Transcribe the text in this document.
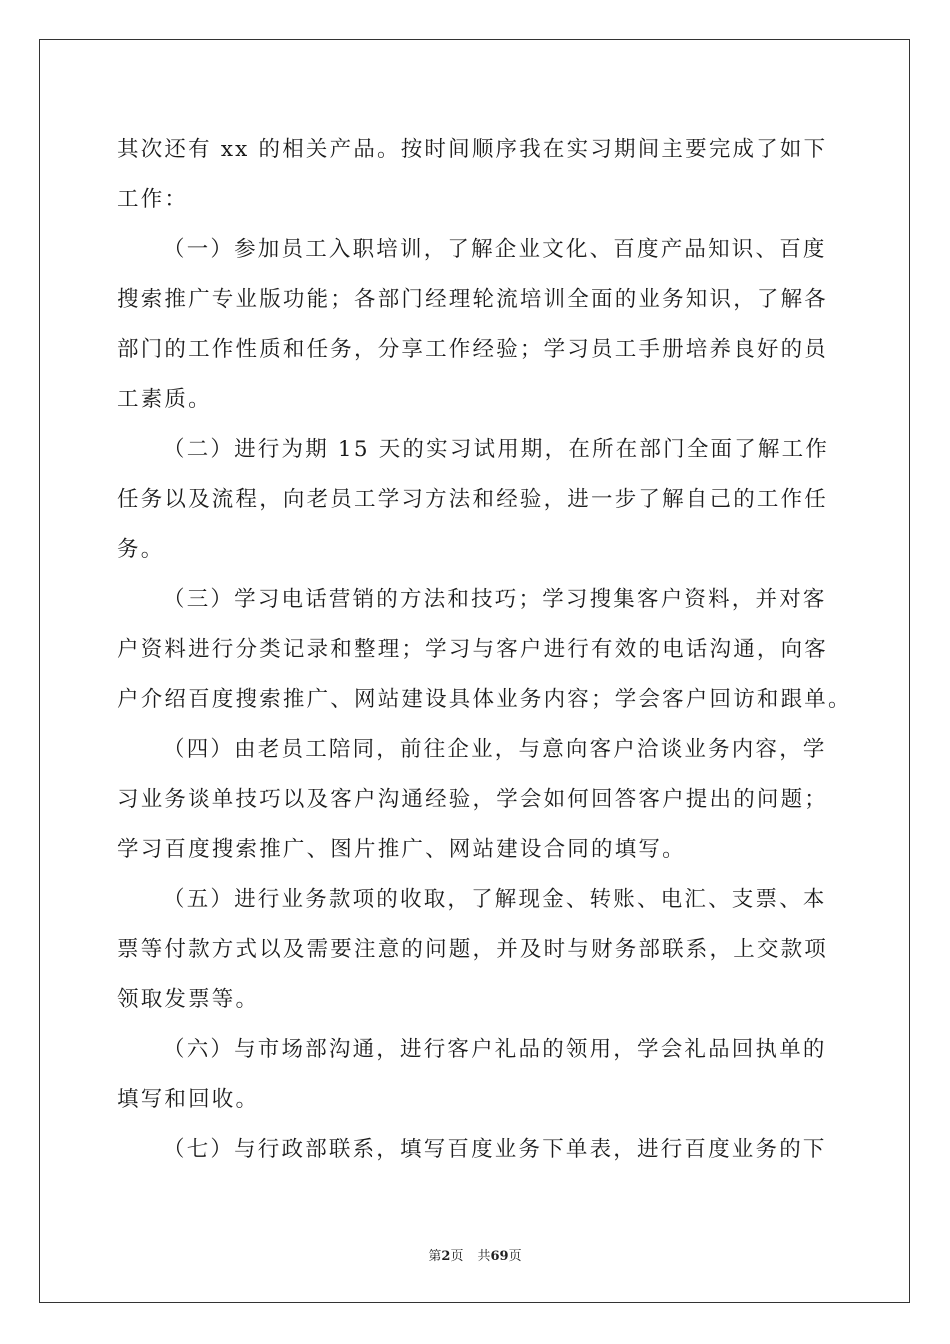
其次还有 xx 的相关产品。按时间顺序我在实习期间主要完成了如下
工作：
（一）参加员工入职培训，了解企业文化、百度产品知识、百度
搜索推广专业版功能；各部门经理轮流培训全面的业务知识，了解各
部门的工作性质和任务，分享工作经验；学习员工手册培养良好的员
工素质。
（二）进行为期 15 天的实习试用期，在所在部门全面了解工作
任务以及流程，向老员工学习方法和经验，进一步了解自己的工作任
务。
（三）学习电话营销的方法和技巧；学习搜集客户资料，并对客
户资料进行分类记录和整理；学习与客户进行有效的电话沟通，向客
户介绍百度搜索推广、网站建设具体业务内容；学会客户回访和跟单。
（四）由老员工陪同，前往企业，与意向客户洽谈业务内容，学
习业务谈单技巧以及客户沟通经验，学会如何回答客户提出的问题；
学习百度搜索推广、图片推广、网站建设合同的填写。
（五）进行业务款项的收取，了解现金、转账、电汇、支票、本
票等付款方式以及需要注意的问题，并及时与财务部联系，上交款项
领取发票等。
（六）与市场部沟通，进行客户礼品的领用，学会礼品回执单的
填写和回收。
（七）与行政部联系，填写百度业务下单表，进行百度业务的下
第2页 共69页
